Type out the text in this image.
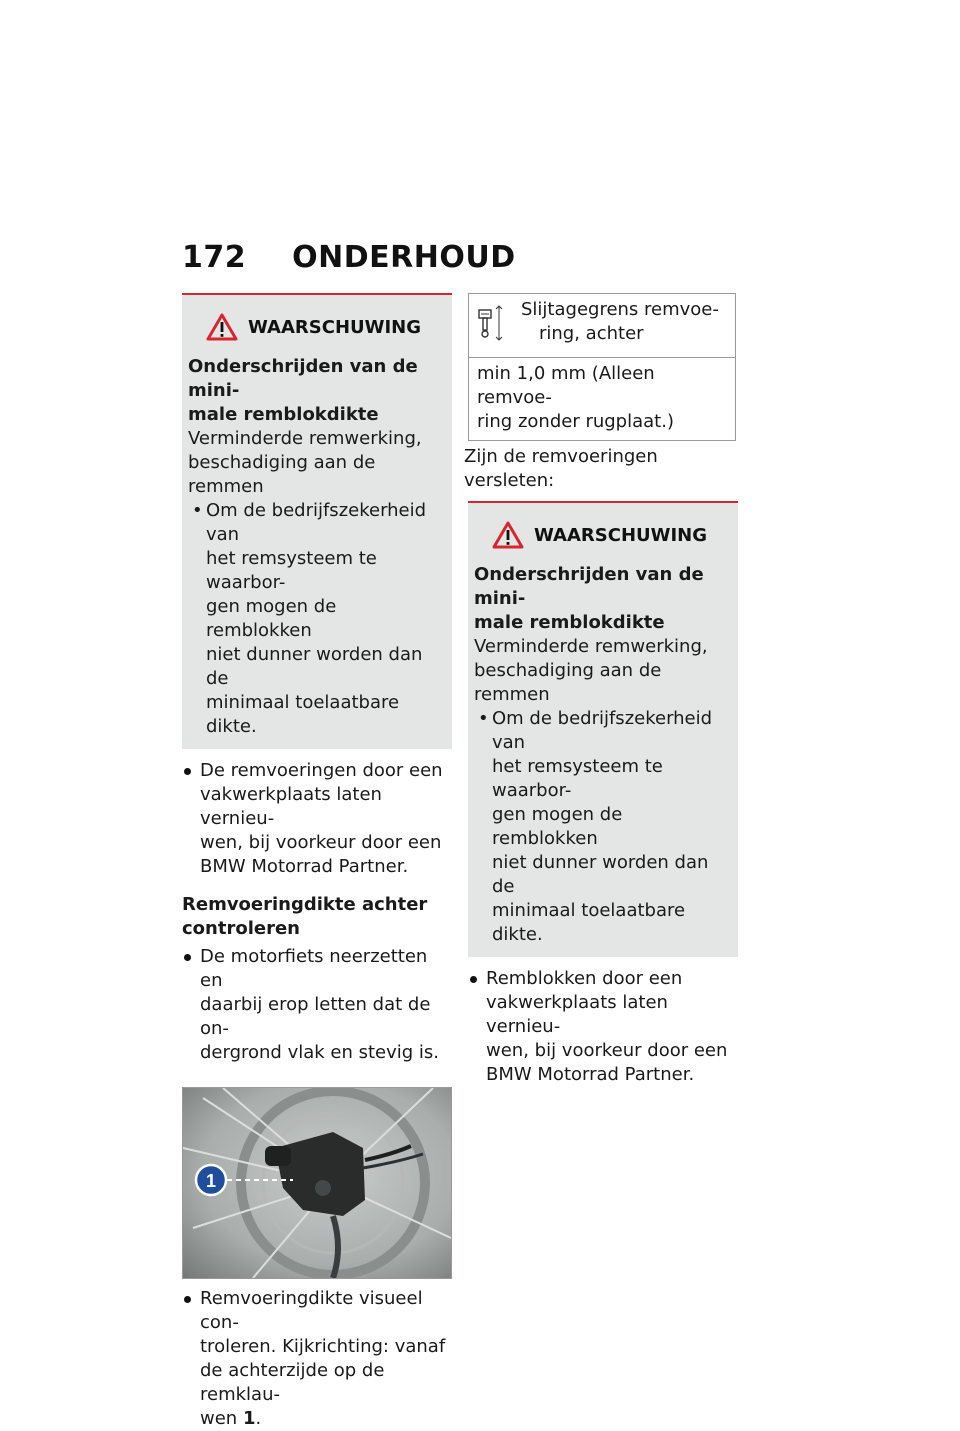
172 ONDERHOUD
WAARSCHUWING
Onderschrijden van de mini-
male remblokdikte
Verminderde remwerking,
beschadiging aan de remmen
• Om de bedrijfszekerheid van
het remsysteem te waarbor-
gen mogen de remblokken
niet dunner worden dan de
minimaal toelaatbare dikte.
De remvoeringen door een
vakwerkplaats laten vernieu-
wen, bij voorkeur door een
BMW Motorrad Partner.
Remvoeringdikte achter
controleren
De motorfiets neerzetten en
daarbij erop letten dat de on-
dergrond vlak en stevig is.
1
Remvoeringdikte visueel con-
troleren. Kijkrichting: vanaf
de achterzijde op de remklau-
wen 1.

Slijtagegrens remvoe-
ring, achter

min 1,0 mm (Alleen remvoe-
ring zonder rugplaat.)
Zijn de remvoeringen versleten:
WAARSCHUWING
Onderschrijden van de mini-
male remblokdikte
Verminderde remwerking,
beschadiging aan de remmen
• Om de bedrijfszekerheid van
het remsysteem te waarbor-
gen mogen de remblokken
niet dunner worden dan de
minimaal toelaatbare dikte.
Remblokken door een
vakwerkplaats laten vernieu-
wen, bij voorkeur door een
BMW Motorrad Partner.
